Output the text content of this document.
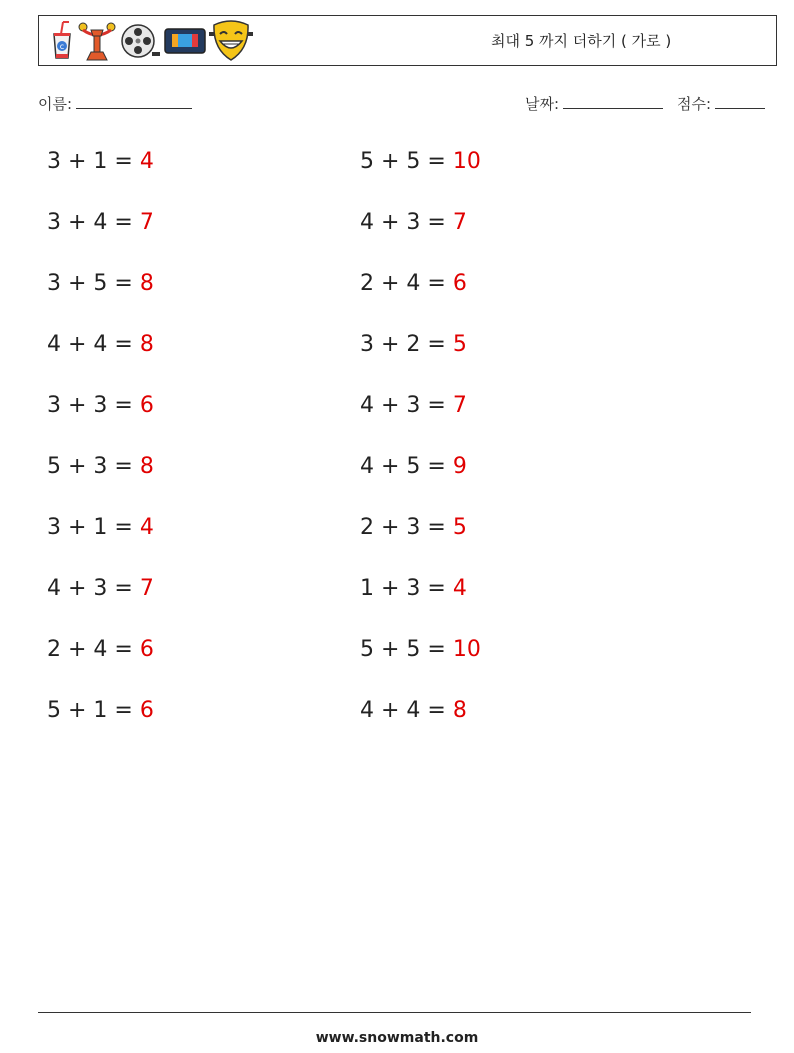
c	최대 5 까지 더하기 ( 가로 )
이름:	날짜:	점수:
3 + 1 = 4
3 + 4 = 7
3 + 5 = 8
4 + 4 = 8
3 + 3 = 6
5 + 3 = 8
3 + 1 = 4
4 + 3 = 7
2 + 4 = 6
5 + 1 = 6
5 + 5 = 10
4 + 3 = 7
2 + 4 = 6
3 + 2 = 5
4 + 3 = 7
4 + 5 = 9
2 + 3 = 5
1 + 3 = 4
5 + 5 = 10
4 + 4 = 8
www.snowmath.com
